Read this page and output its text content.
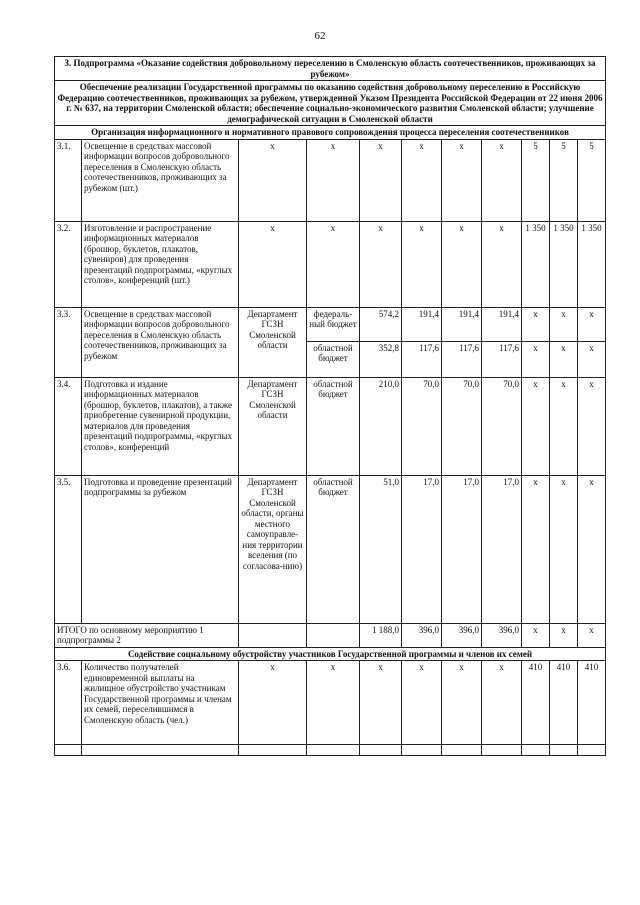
62
3. Подпрограмма «Оказание содействия добровольному переселению в Смоленскую область соотечественников, проживающих за рубежом»										
Обеспечение реализации Государственной программы по оказанию содействия добровольному переселению в Российскую Федерацию соотечественников, проживающих за рубежом, утвержденной Указом Президента Российской Федерации от 22 июня 2006 г. № 637, на территории Смоленской области; обеспечение социально-экономического развития Смоленской области; улучшение демографической ситуации в Смоленской области										
Организация информационного и нормативного правового сопровождения процесса переселения соотечественников										
3.1.	Освещение в средствах массовой информации вопросов добровольного переселения в Смоленскую область соотечественников, проживающих за рубежом (шт.)	х	х	х	х	х	х	5	5	5
3.2.	Изготовление и распространение информационных материалов (брошюр, буклетов, плакатов, сувениров) для проведения презентаций подпрограммы, «круглых столов», конференций (шт.)	х	х	х	х	х	х	1 350	1 350	1 350
3.3.	Освещение в средствах массовой информации вопросов добровольного переселения в Смоленскую область соотечественников, проживающих за рубежом	Департамент ГСЗН Смоленской области	федераль-ный бюджет	574,2	191,4	191,4	191,4	х	х	х
			областной бюджет	352,8	117,6	117,6	117,6	х	х	х
3.4.	Подготовка и издание информационных материалов (брошюр, буклетов, плакатов), а также приобретение сувенирной продукции, материалов для проведения презентаций подпрограммы, «круглых столов», конференций	Департамент ГСЗН Смоленской области	областной бюджет	210,0	70,0	70,0	70,0	х	х	х
3.5.	Подготовка и проведение презентаций подпрограммы за рубежом	Департамент ГСЗН Смоленской области, органы местного самоуправле-ния территории вселения (по согласова-нию)	областной бюджет	51,0	17,0	17,0	17,0	х	х	х
ИТОГО по основному мероприятию 1 подпрограммы 2				1 188,0	396,0	396,0	396,0	х	х	х
Содействие социальному обустройству участников Государственной программы и членов их семей										
3.6.	Количество получателей единовременной выплаты на жилищное обустройство участникам Государственной программы и членам их семей, переселившимся в Смоленскую область (чел.)	х	х	х	х	х	х	410	410	410
